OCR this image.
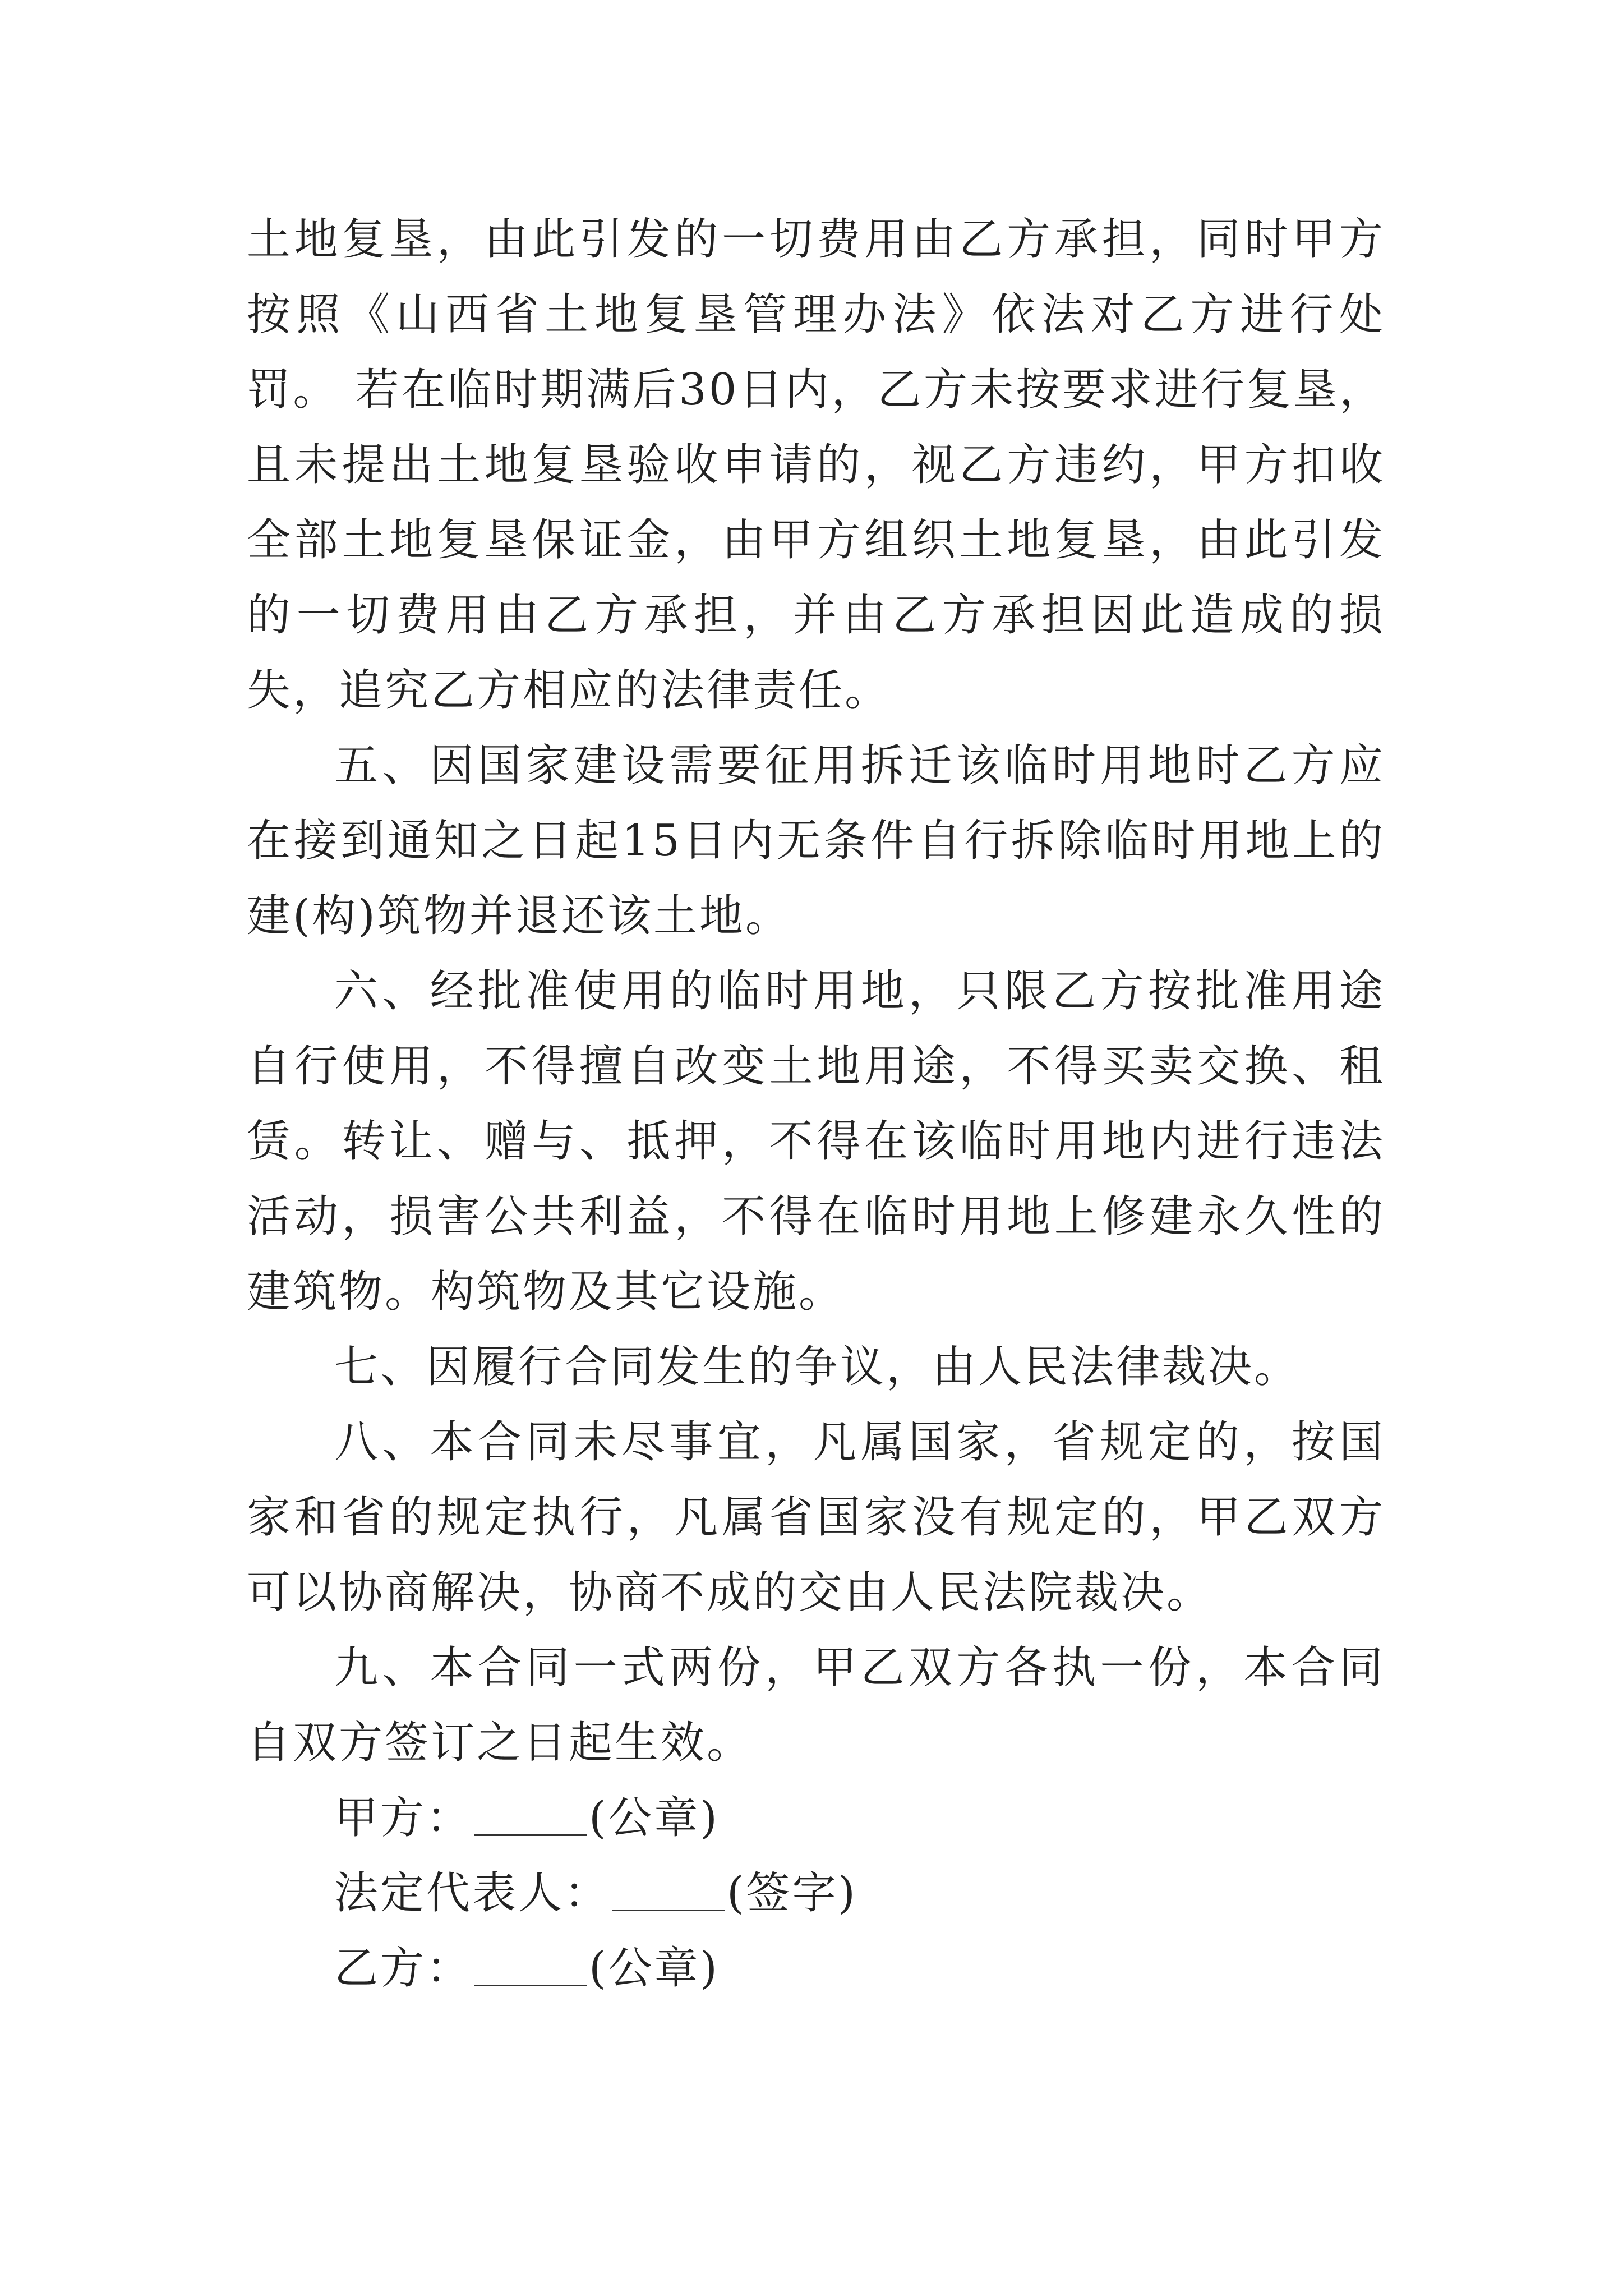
土地复垦，由此引发的一切费用由乙方承担，同时甲方按照《山西省土地复垦管理办法》依法对乙方进行处罚。 若在临时期满后30日内，乙方未按要求进行复垦，且未提出土地复垦验收申请的，视乙方违约，甲方扣收全部土地复垦保证金，由甲方组织土地复垦，由此引发的一切费用由乙方承担，并由乙方承担因此造成的损失，追究乙方相应的法律责任。

五、因国家建设需要征用拆迁该临时用地时乙方应在接到通知之日起15日内无条件自行拆除临时用地上的建(构)筑物并退还该土地。

六、经批准使用的临时用地，只限乙方按批准用途自行使用，不得擅自改变土地用途，不得买卖交换、租赁。转让、赠与、抵押，不得在该临时用地内进行违法活动，损害公共利益，不得在临时用地上修建永久性的建筑物。构筑物及其它设施。

七、因履行合同发生的争议，由人民法律裁决。

八、本合同未尽事宜，凡属国家，省规定的，按国家和省的规定执行，凡属省国家没有规定的，甲乙双方可以协商解决，协商不成的交由人民法院裁决。

九、本合同一式两份，甲乙双方各执一份，本合同自双方签订之日起生效。

甲方：	(公章)

法定代表人：	(签字)

乙方：	(公章)
